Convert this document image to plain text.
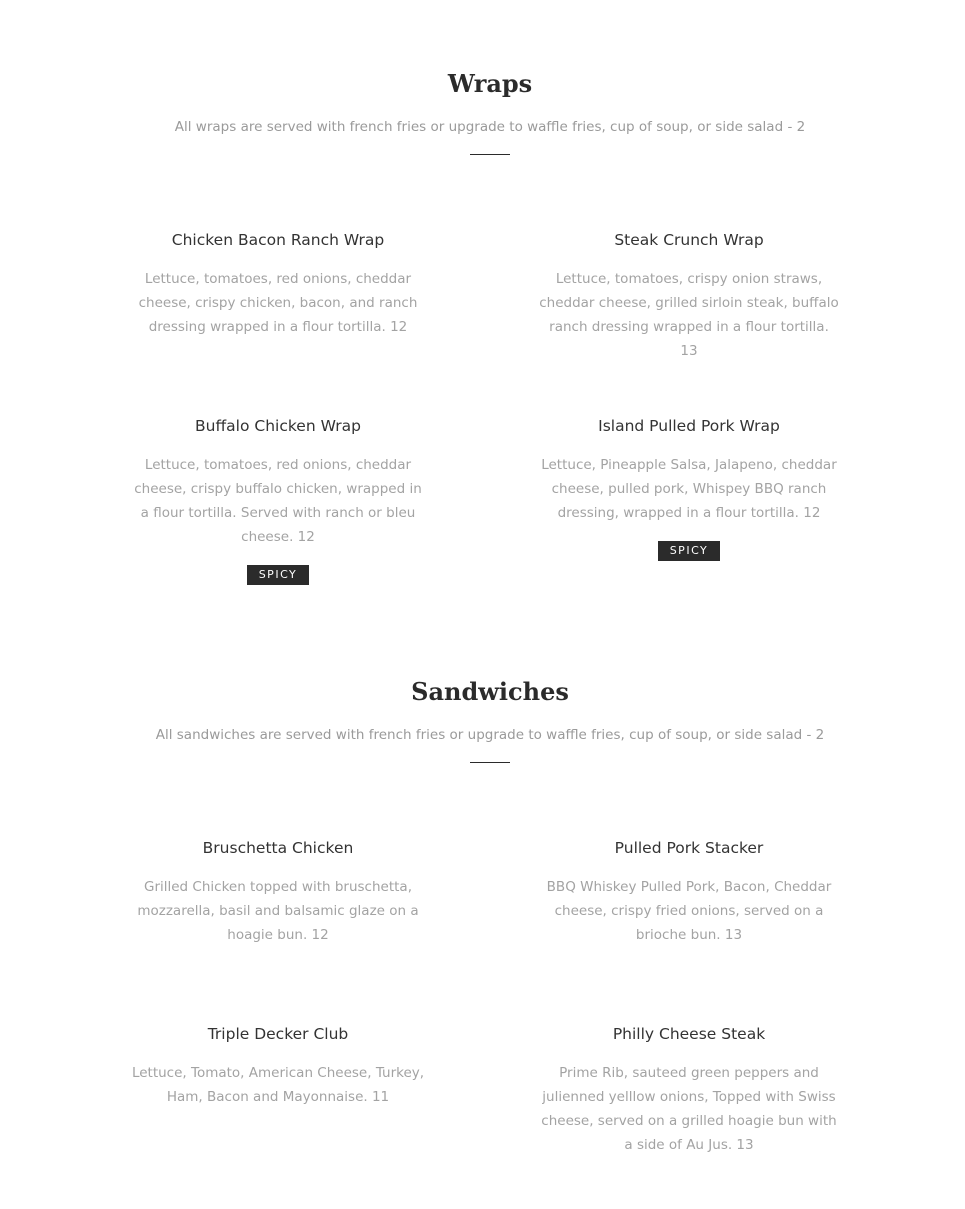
Wraps
All wraps are served with french fries or upgrade to waffle fries, cup of soup, or side salad - 2
Chicken Bacon Ranch Wrap
Lettuce, tomatoes, red onions, cheddar cheese, crispy chicken, bacon, and ranch dressing wrapped in a flour tortilla. 12
Steak Crunch Wrap
Lettuce, tomatoes, crispy onion straws, cheddar cheese, grilled sirloin steak, buffalo ranch dressing wrapped in a flour tortilla. 13
Buffalo Chicken Wrap
Lettuce, tomatoes, red onions, cheddar cheese, crispy buffalo chicken, wrapped in a flour tortilla. Served with ranch or bleu cheese. 12
SPICY
Island Pulled Pork Wrap
Lettuce, Pineapple Salsa, Jalapeno, cheddar cheese, pulled pork, Whispey BBQ ranch dressing, wrapped in a flour tortilla. 12
SPICY
Sandwiches
All sandwiches are served with french fries or upgrade to waffle fries, cup of soup, or side salad - 2
Bruschetta Chicken
Grilled Chicken topped with bruschetta, mozzarella, basil and balsamic glaze on a hoagie bun. 12
Pulled Pork Stacker
BBQ Whiskey Pulled Pork, Bacon, Cheddar cheese, crispy fried onions, served on a brioche bun. 13
Triple Decker Club
Lettuce, Tomato, American Cheese, Turkey, Ham, Bacon and Mayonnaise. 11
Philly Cheese Steak
Prime Rib, sauteed green peppers and julienned yelllow onions, Topped with Swiss cheese, served on a grilled hoagie bun with a side of Au Jus. 13
